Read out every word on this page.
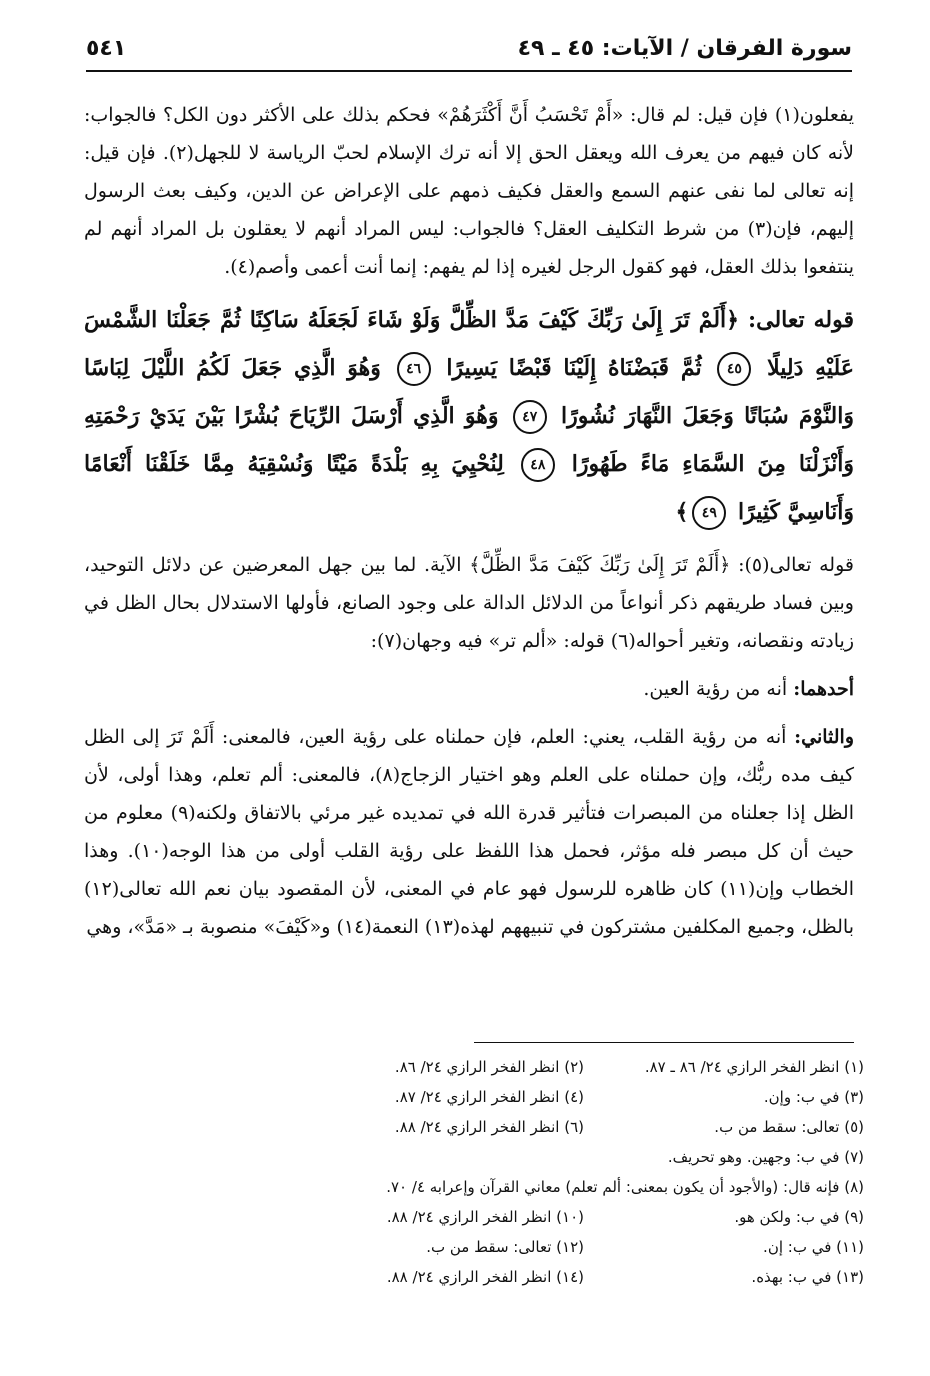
سورة الفرقان / الآيات: ٤٥ ـ ٤٩
٥٤١

يفعلون(١) فإن قيل: لم قال: «أَمْ تَحْسَبُ أَنَّ أَكْثَرَهُمْ» فحكم بذلك على الأكثر دون الكل؟ فالجواب: لأنه كان فيهم من يعرف الله ويعقل الحق إلا أنه ترك الإسلام لحبّ الرياسة لا للجهل(٢). فإن قيل: إنه تعالى لما نفى عنهم السمع والعقل فكيف ذمهم على الإعراض عن الدين، وكيف بعث الرسول إليهم، فإن(٣) من شرط التكليف العقل؟ فالجواب: ليس المراد أنهم لا يعقلون بل المراد أنهم لم ينتفعوا بذلك العقل، فهو كقول الرجل لغيره إذا لم يفهم: إنما أنت أعمى وأصم(٤).

قوله تعالى: ﴿أَلَمْ تَرَ إِلَىٰ رَبِّكَ كَيْفَ مَدَّ الظِّلَّ وَلَوْ شَاءَ لَجَعَلَهُ سَاكِنًا ثُمَّ جَعَلْنَا الشَّمْسَ عَلَيْهِ دَلِيلًا ٤٥ ثُمَّ قَبَضْنَاهُ إِلَيْنَا قَبْضًا يَسِيرًا ٤٦ وَهُوَ الَّذِي جَعَلَ لَكُمُ اللَّيْلَ لِبَاسًا وَالنَّوْمَ سُبَاتًا وَجَعَلَ النَّهَارَ نُشُورًا ٤٧ وَهُوَ الَّذِي أَرْسَلَ الرِّيَاحَ بُشْرًا بَيْنَ يَدَيْ رَحْمَتِهِ وَأَنْزَلْنَا مِنَ السَّمَاءِ مَاءً طَهُورًا ٤٨ لِنُحْيِيَ بِهِ بَلْدَةً مَيْتًا وَنُسْقِيَهُ مِمَّا خَلَقْنَا أَنْعَامًا وَأَنَاسِيَّ كَثِيرًا ٤٩﴾

قوله تعالى(٥): ﴿أَلَمْ تَرَ إِلَىٰ رَبِّكَ كَيْفَ مَدَّ الظِّلَّ﴾ الآية. لما بين جهل المعرضين عن دلائل التوحيد، وبين فساد طريقهم ذكر أنواعاً من الدلائل الدالة على وجود الصانع، فأولها الاستدلال بحال الظل في زيادته ونقصانه، وتغير أحواله(٦) قوله: «ألم تر» فيه وجهان(٧):

أحدهما: أنه من رؤية العين.

والثاني: أنه من رؤية القلب، يعني: العلم، فإن حملناه على رؤية العين، فالمعنى: أَلَمْ تَرَ إلى الظل كيف مده ربُّك، وإن حملناه على العلم وهو اختيار الزجاج(٨)، فالمعنى: ألم تعلم، وهذا أولى، لأن الظل إذا جعلناه من المبصرات فتأثير قدرة الله في تمديده غير مرئي بالاتفاق ولكنه(٩) معلوم من حيث أن كل مبصر فله مؤثر، فحمل هذا اللفظ على رؤية القلب أولى من هذا الوجه(١٠). وهذا الخطاب وإن(١١) كان ظاهره للرسول فهو عام في المعنى، لأن المقصود بيان نعم الله تعالى(١٢) بالظل، وجميع المكلفين مشتركون في تنبيههم لهذه(١٣) النعمة(١٤) و«كَيْفَ» منصوبة بـ «مَدَّ»، وهي

(١) انظر الفخر الرازي ٢٤/ ٨٦ ـ ٨٧.
(٢) انظر الفخر الرازي ٢٤/ ٨٦.
(٣) في ب: وإن.
(٤) انظر الفخر الرازي ٢٤/ ٨٧.
(٥) تعالى: سقط من ب.
(٦) انظر الفخر الرازي ٢٤/ ٨٨.
(٧) في ب: وجهين. وهو تحريف.
(٨) فإنه قال: (والأجود أن يكون بمعنى: ألم تعلم) معاني القرآن وإعرابه ٤/ ٧٠.
(٩) في ب: ولكن هو.
(١٠) انظر الفخر الرازي ٢٤/ ٨٨.
(١١) في ب: إن.
(١٢) تعالى: سقط من ب.
(١٣) في ب: بهذه.
(١٤) انظر الفخر الرازي ٢٤/ ٨٨.
